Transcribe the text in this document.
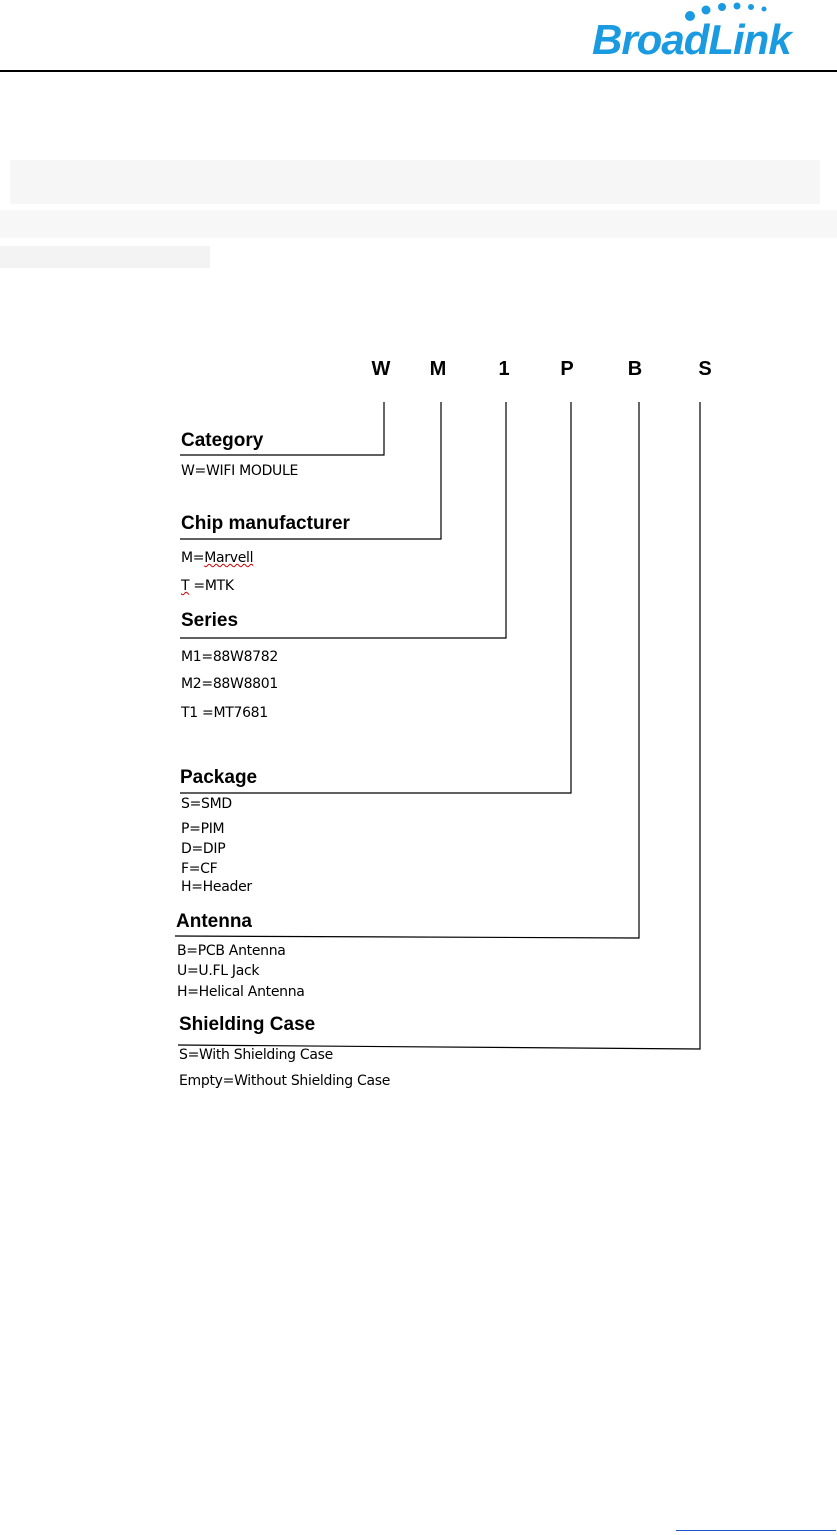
BroadLink
W	M	1	P	B	S
Category
W=WIFI MODULE
Chip manufacturer
M=Marvell
T =MTK
Series
M1=88W8782
M2=88W8801
T1 =MT7681
Package
S=SMD
P=PIM
D=DIP
F=CF
H=Header
Antenna
B=PCB Antenna
U=U.FL Jack
H=Helical Antenna
Shielding Case
S=With Shielding Case
Empty=Without Shielding Case
